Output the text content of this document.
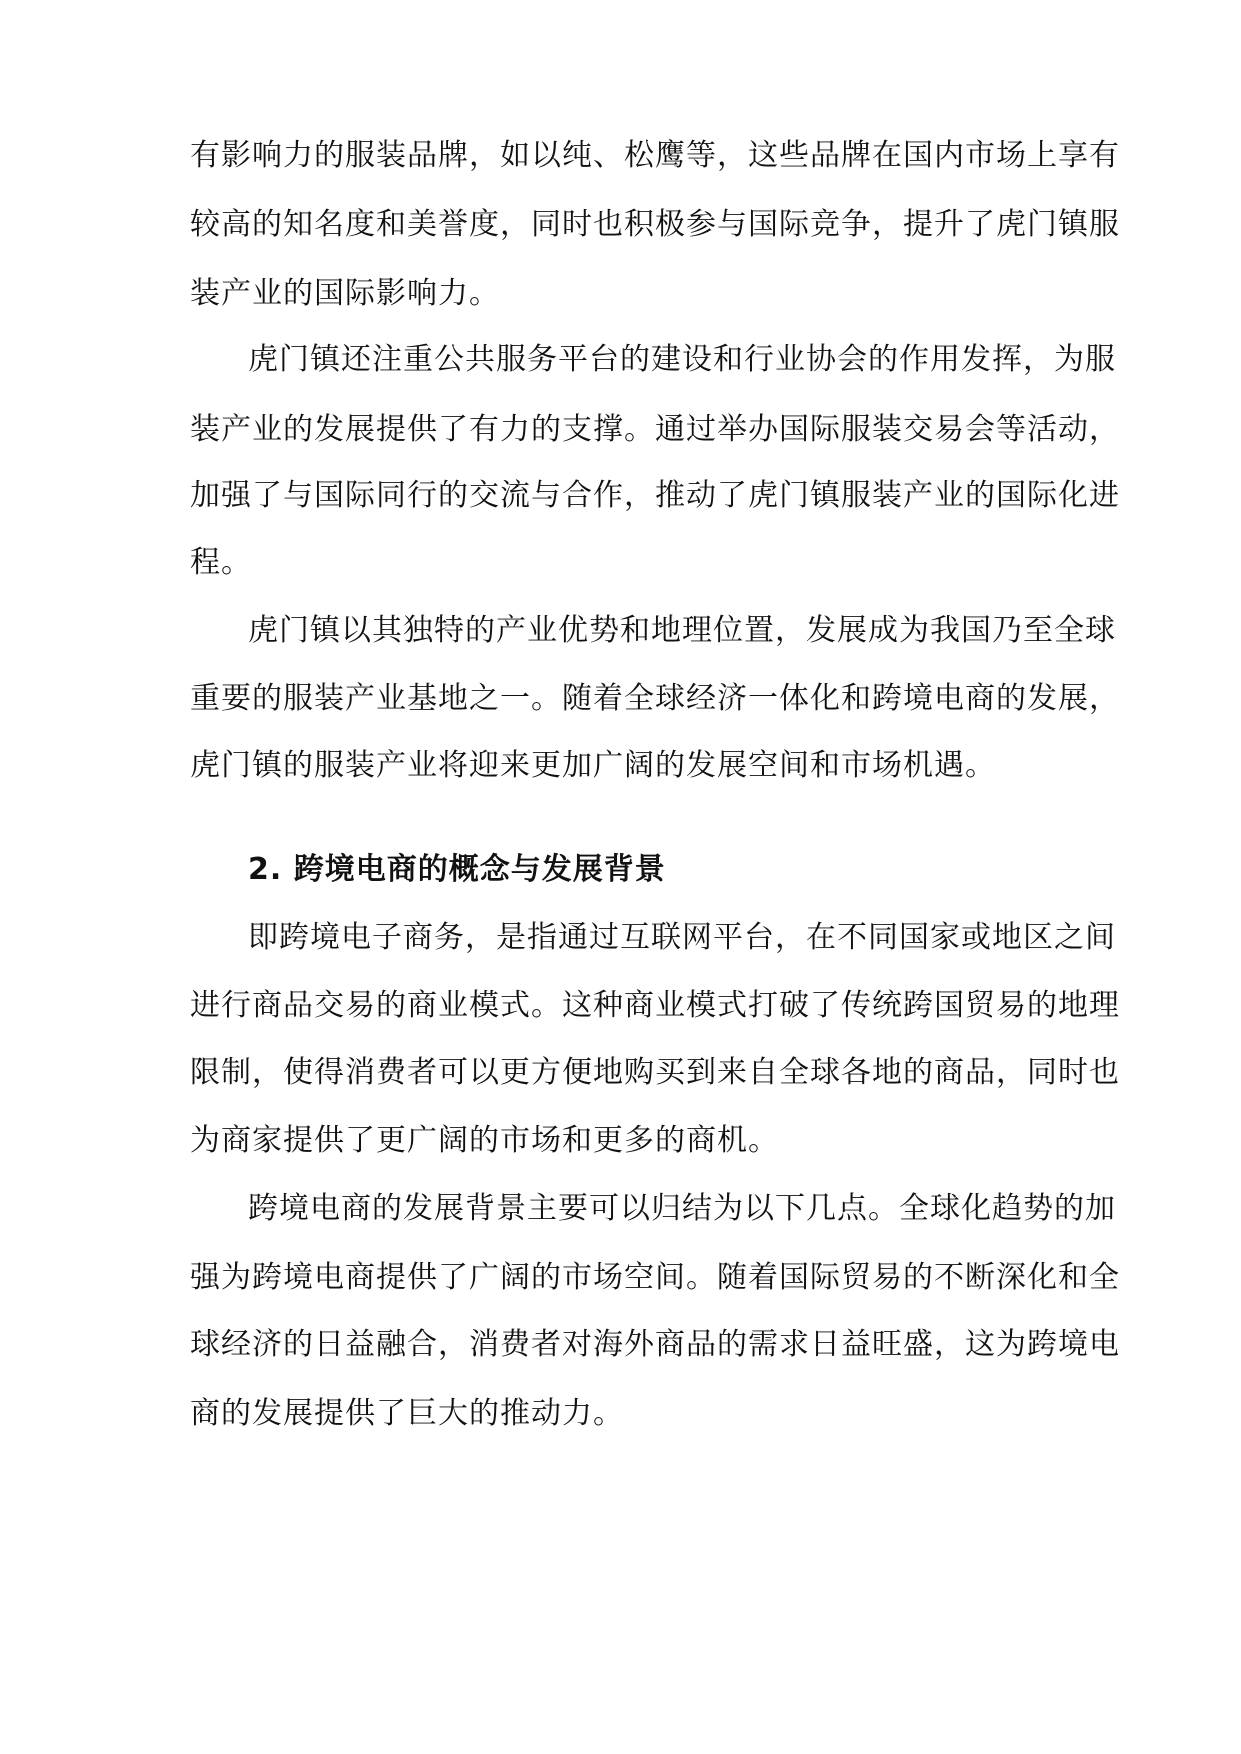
有影响力的服装品牌，如以纯、松鹰等，这些品牌在国内市场上享有
较高的知名度和美誉度，同时也积极参与国际竞争，提升了虎门镇服
装产业的国际影响力。
虎门镇还注重公共服务平台的建设和行业协会的作用发挥，为服
装产业的发展提供了有力的支撑。通过举办国际服装交易会等活动，
加强了与国际同行的交流与合作，推动了虎门镇服装产业的国际化进
程。
虎门镇以其独特的产业优势和地理位置，发展成为我国乃至全球
重要的服装产业基地之一。随着全球经济一体化和跨境电商的发展，
虎门镇的服装产业将迎来更加广阔的发展空间和市场机遇。
2. 跨境电商的概念与发展背景
即跨境电子商务，是指通过互联网平台，在不同国家或地区之间
进行商品交易的商业模式。这种商业模式打破了传统跨国贸易的地理
限制，使得消费者可以更方便地购买到来自全球各地的商品，同时也
为商家提供了更广阔的市场和更多的商机。
跨境电商的发展背景主要可以归结为以下几点。全球化趋势的加
强为跨境电商提供了广阔的市场空间。随着国际贸易的不断深化和全
球经济的日益融合，消费者对海外商品的需求日益旺盛，这为跨境电
商的发展提供了巨大的推动力。
